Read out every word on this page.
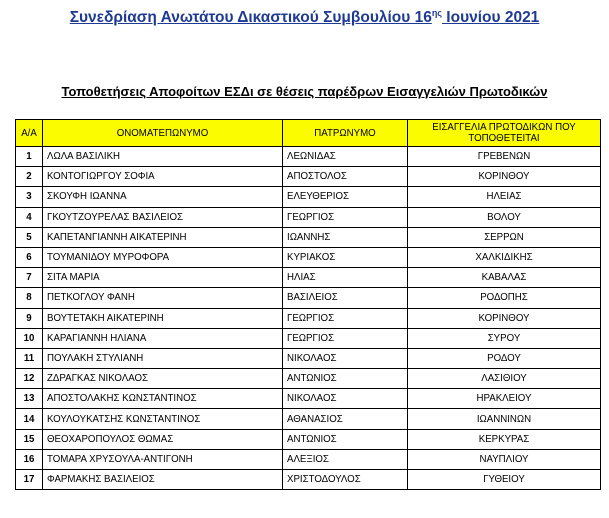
Συνεδρίαση Ανωτάτου Δικαστικού Συμβουλίου $16^{\eta\varsigma}$ Ιουνίου 2021
Τοποθετήσεις Αποφοίτων ΕΣΔι σε θέσεις παρέδρων Εισαγγελιών Πρωτοδικών
Α/Α	ΟΝΟΜΑΤΕΠΩΝΥΜΟ	ΠΑΤΡΩΝΥΜΟ	ΕΙΣΑΓΓΕΛΙΑ ΠΡΩΤΟΔΙΚΩΝ ΠΟΥ ΤΟΠΟΘΕΤΕΙΤΑΙ
1	ΛΩΛΑ ΒΑΣΙΛΙΚΗ	ΛΕΩΝΙΔΑΣ	ΓΡΕΒΕΝΩΝ
2	ΚΟΝΤΟΓΙΩΡΓΟΥ ΣΟΦΙΑ	ΑΠΟΣΤΟΛΟΣ	ΚΟΡΙΝΘΟΥ
3	ΣΚΟΥΦΗ ΙΩΑΝΝΑ	ΕΛΕΥΘΕΡΙΟΣ	ΗΛΕΙΑΣ
4	ΓΚΟΥΤΖΟΥΡΕΛΑΣ ΒΑΣΙΛΕΙΟΣ	ΓΕΩΡΓΙΟΣ	ΒΟΛΟΥ
5	ΚΑΠΕΤΑΝΓΙΑΝΝΗ ΑΙΚΑΤΕΡΙΝΗ	ΙΩΑΝΝΗΣ	ΣΕΡΡΩΝ
6	ΤΟΥΜΑΝΙΔΟΥ ΜΥΡΟΦΟΡΑ	ΚΥΡΙΑΚΟΣ	ΧΑΛΚΙΔΙΚΗΣ
7	ΣΙΤΑ ΜΑΡΙΑ	ΗΛΙΑΣ	ΚΑΒΑΛΑΣ
8	ΠΕΤΚΟΓΛΟΥ ΦΑΝΗ	ΒΑΣΙΛΕΙΟΣ	ΡΟΔΟΠΗΣ
9	ΒΟΥΤΕΤΑΚΗ ΑΙΚΑΤΕΡΙΝΗ	ΓΕΩΡΓΙΟΣ	ΚΟΡΙΝΘΟΥ
10	ΚΑΡΑΓΙΑΝΝΗ ΗΛΙΑΝΑ	ΓΕΩΡΓΙΟΣ	ΣΥΡΟΥ
11	ΠΟΥΛΑΚΗ ΣΤΥΛΙΑΝΗ	ΝΙΚΟΛΑΟΣ	ΡΟΔΟΥ
12	ΖΔΡΑΓΚΑΣ ΝΙΚΟΛΑΟΣ	ΑΝΤΩΝΙΟΣ	ΛΑΣΙΘΙΟΥ
13	ΑΠΟΣΤΟΛΑΚΗΣ ΚΩΝΣΤΑΝΤΙΝΟΣ	ΝΙΚΟΛΑΟΣ	ΗΡΑΚΛΕΙΟΥ
14	ΚΟΥΛΟΥΚΑΤΣΗΣ ΚΩΝΣΤΑΝΤΙΝΟΣ	ΑΘΑΝΑΣΙΟΣ	ΙΩΑΝΝΙΝΩΝ
15	ΘΕΟΧΑΡΟΠΟΥΛΟΣ ΘΩΜΑΣ	ΑΝΤΩΝΙΟΣ	ΚΕΡΚΥΡΑΣ
16	ΤΟΜΑΡΑ ΧΡΥΣΟΥΛΑ-ΑΝΤΙΓΟΝΗ	ΑΛΕΞΙΟΣ	ΝΑΥΠΛΙΟΥ
17	ΦΑΡΜΑΚΗΣ ΒΑΣΙΛΕΙΟΣ	ΧΡΙΣΤΟΔΟΥΛΟΣ	ΓΥΘΕΙΟΥ
